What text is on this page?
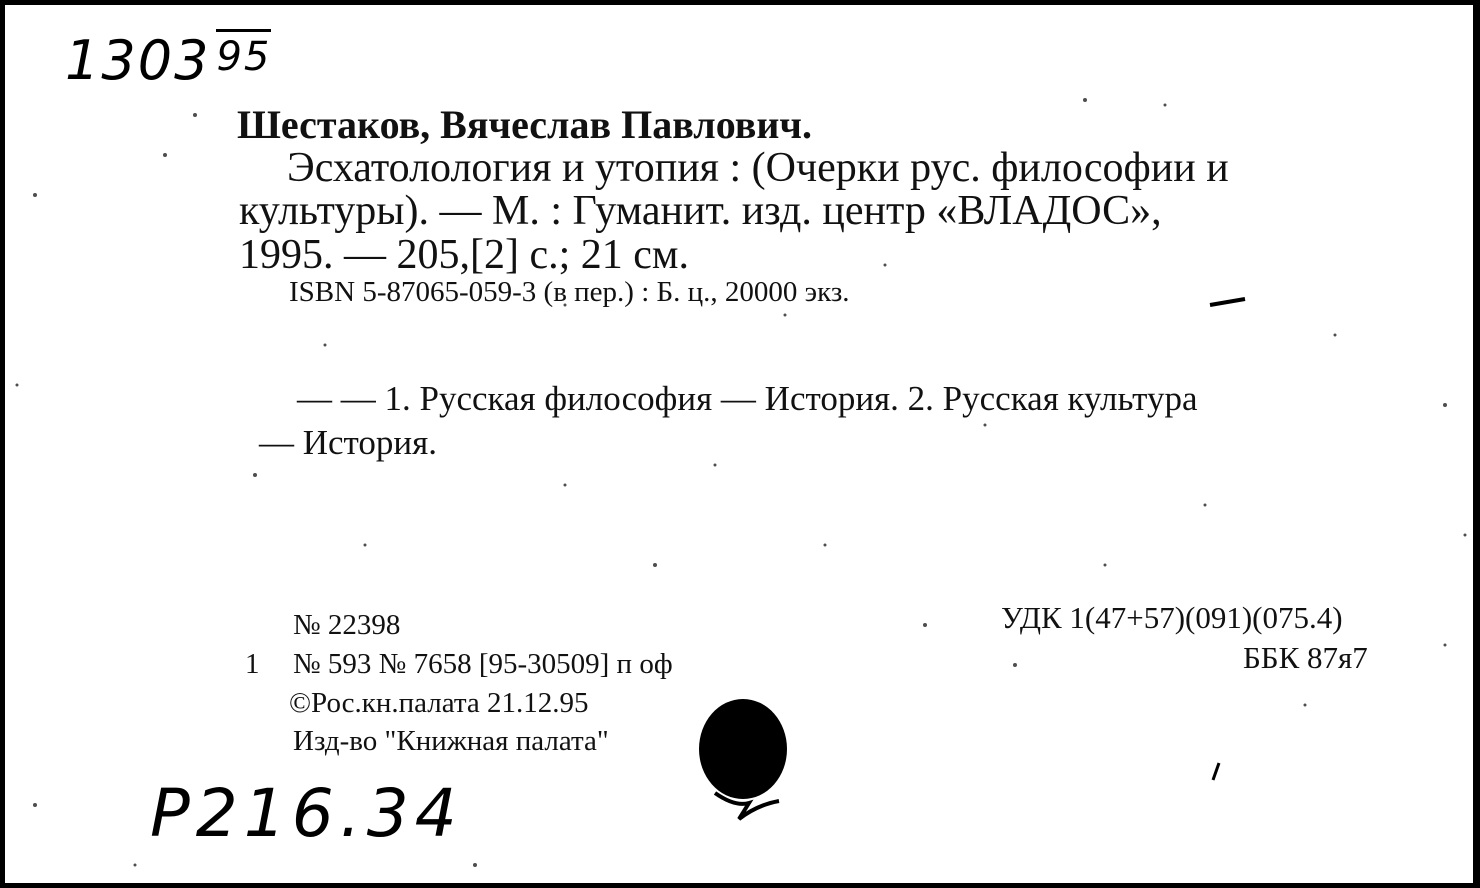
1303 95
Шестаков, Вячеслав Павлович.
Эсхатолология и утопия : (Очерки рус. философии и
культуры). — М. : Гуманит. изд. центр «ВЛАДОС»,
1995. — 205,[2] с.; 21 см.
ISBN 5-87065-059-3 (в пер.) : Б. ц., 20000 экз.
— — 1. Русская философия — История. 2. Русская культура
— История.
№ 22398
1 № 593 № 7658 [95-30509] п оф
©Рос.кн.палата 21.12.95
Изд-во "Книжная палата"
УДК 1(47+57)(091)(075.4)
ББК 87я7
P216.34
